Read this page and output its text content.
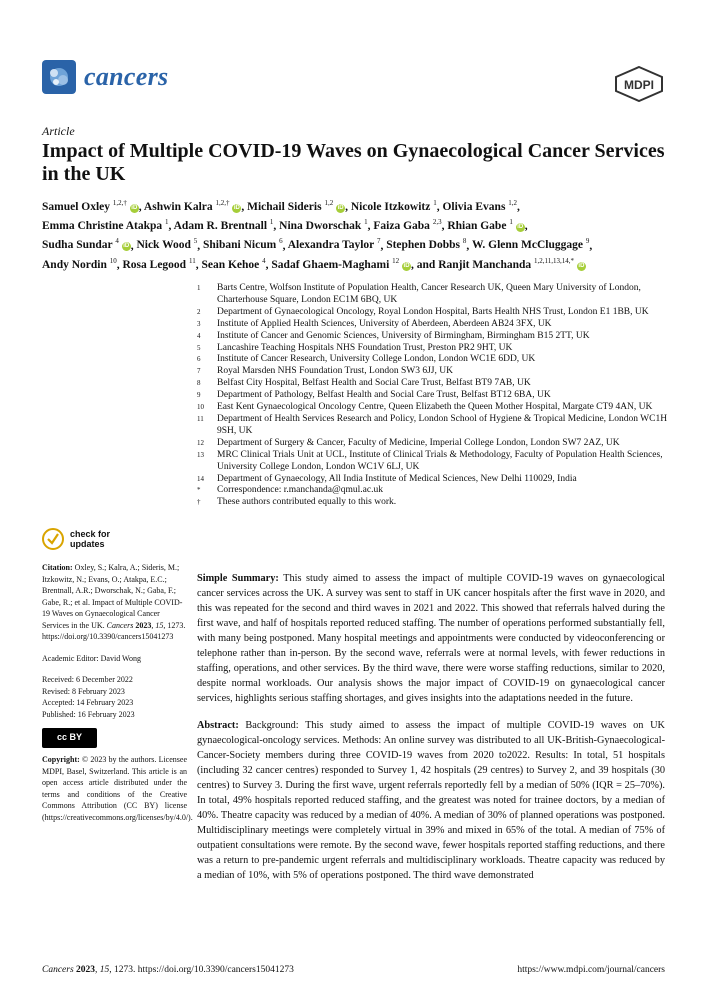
cancers	MDPI
Article
Impact of Multiple COVID-19 Waves on Gynaecological Cancer Services in the UK
Samuel Oxley $^{1,2,\dagger}$ iD , Ashwin Kalra $^{1,2,\dagger}$ iD , Michail Sideris $^{1,2}$ iD , Nicole Itzkowitz $^1$, Olivia Evans $^{1,2}$,
Emma Christine Atakpa $^1$, Adam R. Brentnall $^1$, Nina Dworschak $^1$, Faiza Gaba $^{2,3}$, Rhian Gabe $^1$ iD ,
Sudha Sundar $^4$ iD , Nick Wood $^5$, Shibani Nicum $^6$, Alexandra Taylor $^7$, Stephen Dobbs $^8$, W. Glenn McCluggage $^9$,
Andy Nordin $^{10}$, Rosa Legood $^{11}$, Sean Kehoe $^4$, Sadaf Ghaem-Maghami $^{12}$ iD , and Ranjit Manchanda $^{1,2,11,13,14,*}$ iD
1	Barts Centre, Wolfson Institute of Population Health, Cancer Research UK, Queen Mary University of London, Charterhouse Square, London EC1M 6BQ, UK
2	Department of Gynaecological Oncology, Royal London Hospital, Barts Health NHS Trust, London E1 1BB, UK
3	Institute of Applied Health Sciences, University of Aberdeen, Aberdeen AB24 3FX, UK
4	Institute of Cancer and Genomic Sciences, University of Birmingham, Birmingham B15 2TT, UK
5	Lancashire Teaching Hospitals NHS Foundation Trust, Preston PR2 9HT, UK
6	Institute of Cancer Research, University College London, London WC1E 6DD, UK
7	Royal Marsden NHS Foundation Trust, London SW3 6JJ, UK
8	Belfast City Hospital, Belfast Health and Social Care Trust, Belfast BT9 7AB, UK
9	Department of Pathology, Belfast Health and Social Care Trust, Belfast BT12 6BA, UK
10	East Kent Gynaecological Oncology Centre, Queen Elizabeth the Queen Mother Hospital, Margate CT9 4AN, UK
11	Department of Health Services Research and Policy, London School of Hygiene & Tropical Medicine, London WC1H 9SH, UK
12	Department of Surgery & Cancer, Faculty of Medicine, Imperial College London, London SW7 2AZ, UK
13	MRC Clinical Trials Unit at UCL, Institute of Clinical Trials & Methodology, Faculty of Population Health Sciences, University College London, London WC1V 6LJ, UK
14	Department of Gynaecology, All India Institute of Medical Sciences, New Delhi 110029, India
*	Correspondence: r.manchanda@qmul.ac.uk
†	These authors contributed equally to this work.
check for
updates
Citation: Oxley, S.; Kalra, A.; Sideris, M.; Itzkowitz, N.; Evans, O.; Atakpa, E.C.; Brentnall, A.R.; Dworschak, N.; Gaba, F.; Gabe, R.; et al. Impact of Multiple COVID-19 Waves on Gynaecological Cancer Services in the UK. Cancers 2023, 15, 1273. https://doi.org/10.3390/cancers15041273
Academic Editor: David Wong
Received: 6 December 2022
Revised: 8 February 2023
Accepted: 14 February 2023
Published: 16 February 2023
cc BY
Copyright: © 2023 by the authors. Licensee MDPI, Basel, Switzerland. This article is an open access article distributed under the terms and conditions of the Creative Commons Attribution (CC BY) license (https://creativecommons.org/licenses/by/4.0/).

Simple Summary: This study aimed to assess the impact of multiple COVID-19 waves on gynaecological cancer services across the UK. A survey was sent to staff in UK cancer hospitals after the first wave in 2020, and this was repeated for the second and third waves in 2021 and 2022. This showed that referrals halved during the first wave, and half of hospitals reported reduced staffing. The number of operations performed substantially fell, with many being postponed. Many hospital meetings and appointments were conducted by videoconferencing or telephone rather than in-person. By the second wave, referrals were at normal levels, with fewer reductions in staffing, operations, and other services. By the third wave, there were worse staffing reductions, similar to 2020, despite normal workloads. Our analysis shows the major impact of COVID-19 on gynaecological cancer services, highlights serious staffing shortages, and gives insights into the adaptations needed in the future.

Abstract: Background: This study aimed to assess the impact of multiple COVID-19 waves on UK gynaecological-oncology services. Methods: An online survey was distributed to all UK-British-Gynaecological-Cancer-Society members during three COVID-19 waves from 2020 to2022. Results: In total, 51 hospitals (including 32 cancer centres) responded to Survey 1, 42 hospitals (29 centres) to Survey 2, and 39 hospitals (30 centres) to Survey 3. During the first wave, urgent referrals reportedly fell by a median of 50% (IQR = 25–70%). In total, 49% hospitals reported reduced staffing, and the greatest was noted for trainee doctors, by a median of 40%. Theatre capacity was reduced by a median of 40%. A median of 30% of planned operations was postponed. Multidisciplinary meetings were completely virtual in 39% and mixed in 65% of the total. A median of 75% of outpatient consultations were remote. By the second wave, fewer hospitals reported staffing reductions, and there was a return to pre-pandemic urgent referrals and multidisciplinary workloads. Theatre capacity was reduced by a median of 10%, with 5% of operations postponed. The third wave demonstrated

Cancers 2023, 15, 1273. https://doi.org/10.3390/cancers15041273	https://www.mdpi.com/journal/cancers
